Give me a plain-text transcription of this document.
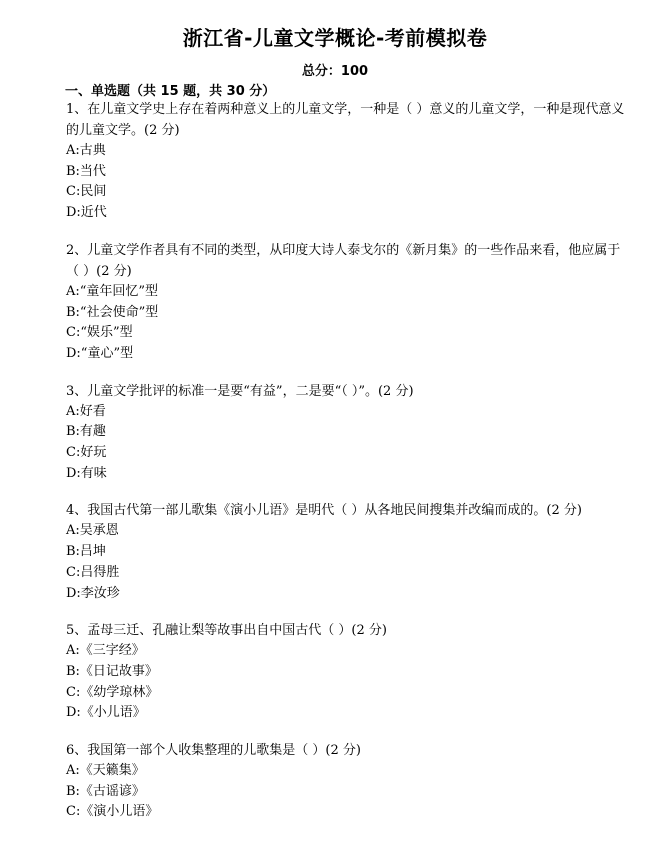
浙江省-儿童文学概论-考前模拟卷
总分：100
一、单选题（共 15 题，共 30 分）

1、在儿童文学史上存在着两种意义上的儿童文学，一种是（ ）意义的儿童文学，一种是现代意义的儿童文学。(2 分)

A:古典
B:当代
C:民间
D:近代

2、儿童文学作者具有不同的类型，从印度大诗人泰戈尔的《新月集》的一些作品来看，他应属于（ ）(2 分)

A:“童年回忆”型
B:“社会使命”型
C:“娱乐”型
D:“童心”型

3、儿童文学批评的标准一是要“有益”，二是要“（ ）”。(2 分)

A:好看
B:有趣
C:好玩
D:有味

4、我国古代第一部儿歌集《演小儿语》是明代（ ）从各地民间搜集并改编而成的。(2 分)

A:吴承恩
B:吕坤
C:吕得胜
D:李汝珍

5、孟母三迁、孔融让梨等故事出自中国古代（ ）(2 分)

A:《三字经》
B:《日记故事》
C:《幼学琼林》
D:《小儿语》

6、我国第一部个人收集整理的儿歌集是（ ）(2 分)

A:《天籁集》
B:《古谣谚》
C:《演小儿语》
